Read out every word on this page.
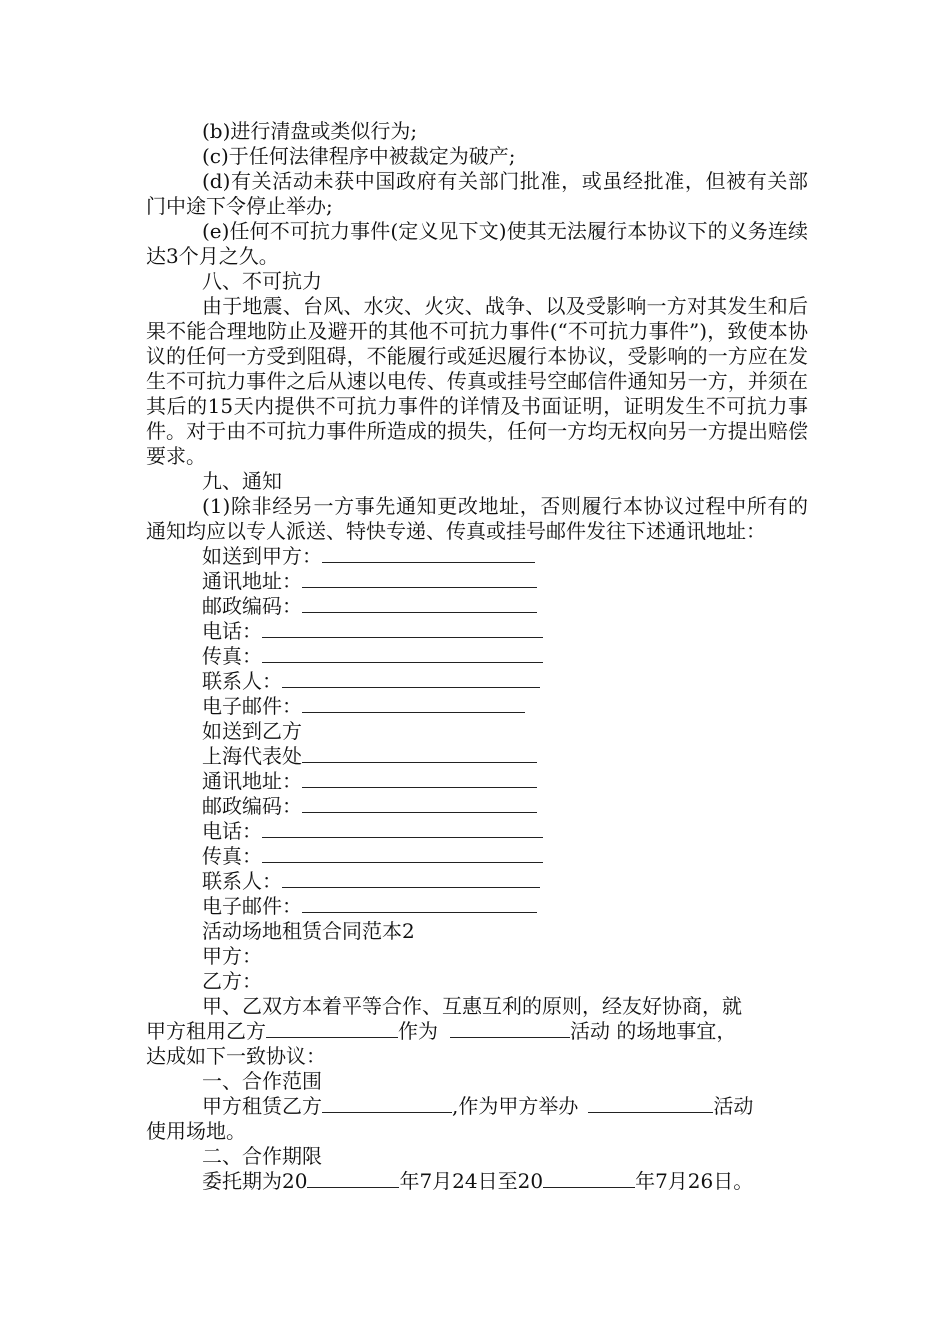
(b)进行清盘或类似行为;

(c)于任何法律程序中被裁定为破产;

(d)有关活动未获中国政府有关部门批准，或虽经批准，但被有关部门中途下令停止举办;

(e)任何不可抗力事件(定义见下文)使其无法履行本协议下的义务连续达3个月之久。

八、不可抗力

由于地震、台风、水灾、火灾、战争、以及受影响一方对其发生和后果不能合理地防止及避开的其他不可抗力事件(“不可抗力事件”)，致使本协议的任何一方受到阻碍，不能履行或延迟履行本协议，受影响的一方应在发生不可抗力事件之后从速以电传、传真或挂号空邮信件通知另一方，并须在其后的15天内提供不可抗力事件的详情及书面证明，证明发生不可抗力事件。对于由不可抗力事件所造成的损失，任何一方均无权向另一方提出赔偿要求。

九、通知

(1)除非经另一方事先通知更改地址，否则履行本协议过程中所有的通知均应以专人派送、特快专递、传真或挂号邮件发往下述通讯地址：

如送到甲方：

通讯地址：

邮政编码：

电话：

传真：

联系人：

电子邮件：

如送到乙方

上海代表处

通讯地址：

邮政编码：

电话：

传真：

联系人：

电子邮件：

活动场地租赁合同范本2

甲方：

乙方：

甲、乙双方本着平等合作、互惠互利的原则，经友好协商，就

甲方租用乙方	作为	活动 的场地事宜，

达成如下一致协议：

一、合作范围

甲方租赁乙方	,作为甲方举办	活动

使用场地。

二、合作期限

委托期为20	年7月24日至20	年7月26日。
